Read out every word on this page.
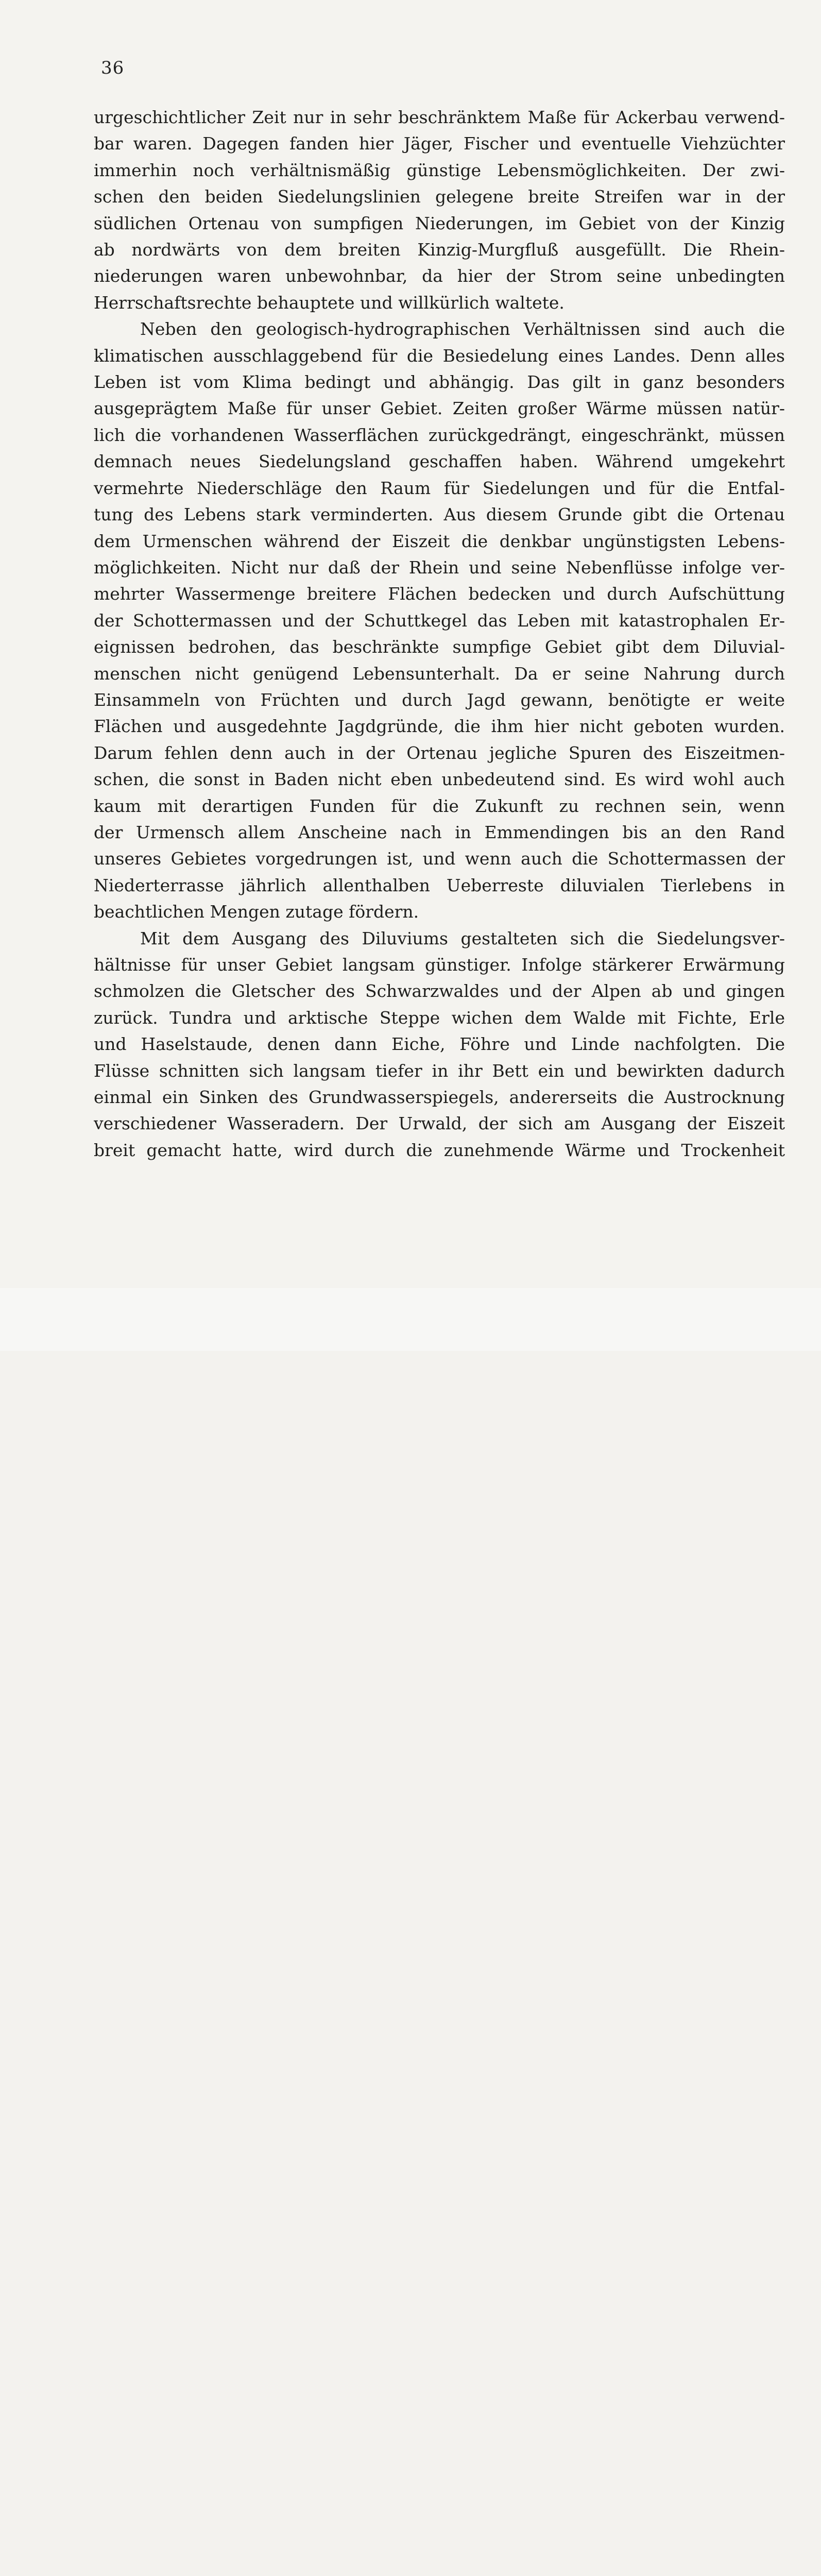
36

urgeschichtlicher Zeit nur in sehr beschränktem Maße für Ackerbau verwend-
bar waren. Dagegen fanden hier Jäger, Fischer und eventuelle Viehzüchter
immerhin noch verhältnismäßig günstige Lebensmöglichkeiten. Der zwi-
schen den beiden Siedelungslinien gelegene breite Streifen war in der
südlichen Ortenau von sumpfigen Niederungen, im Gebiet von der Kinzig
ab nordwärts von dem breiten Kinzig-Murgfluß ausgefüllt. Die Rhein-
niederungen waren unbewohnbar, da hier der Strom seine unbedingten
Herrschaftsrechte behauptete und willkürlich waltete.

Neben den geologisch-hydrographischen Verhältnissen sind auch die
klimatischen ausschlaggebend für die Besiedelung eines Landes. Denn alles
Leben ist vom Klima bedingt und abhängig. Das gilt in ganz besonders
ausgeprägtem Maße für unser Gebiet. Zeiten großer Wärme müssen natür-
lich die vorhandenen Wasserflächen zurückgedrängt, eingeschränkt, müssen
demnach neues Siedelungsland geschaffen haben. Während umgekehrt
vermehrte Niederschläge den Raum für Siedelungen und für die Entfal-
tung des Lebens stark verminderten. Aus diesem Grunde gibt die Ortenau
dem Urmenschen während der Eiszeit die denkbar ungünstigsten Lebens-
möglichkeiten. Nicht nur daß der Rhein und seine Nebenflüsse infolge ver-
mehrter Wassermenge breitere Flächen bedecken und durch Aufschüttung
der Schottermassen und der Schuttkegel das Leben mit katastrophalen Er-
eignissen bedrohen, das beschränkte sumpfige Gebiet gibt dem Diluvial-
menschen nicht genügend Lebensunterhalt. Da er seine Nahrung durch
Einsammeln von Früchten und durch Jagd gewann, benötigte er weite
Flächen und ausgedehnte Jagdgründe, die ihm hier nicht geboten wurden.
Darum fehlen denn auch in der Ortenau jegliche Spuren des Eiszeitmen-
schen, die sonst in Baden nicht eben unbedeutend sind. Es wird wohl auch
kaum mit derartigen Funden für die Zukunft zu rechnen sein, wenn
der Urmensch allem Anscheine nach in Emmendingen bis an den Rand
unseres Gebietes vorgedrungen ist, und wenn auch die Schottermassen der
Niederterrasse jährlich allenthalben Ueberreste diluvialen Tierlebens in
beachtlichen Mengen zutage fördern.

Mit dem Ausgang des Diluviums gestalteten sich die Siedelungsver-
hältnisse für unser Gebiet langsam günstiger. Infolge stärkerer Erwärmung
schmolzen die Gletscher des Schwarzwaldes und der Alpen ab und gingen
zurück. Tundra und arktische Steppe wichen dem Walde mit Fichte, Erle
und Haselstaude, denen dann Eiche, Föhre und Linde nachfolgten. Die
Flüsse schnitten sich langsam tiefer in ihr Bett ein und bewirkten dadurch
einmal ein Sinken des Grundwasserspiegels, andererseits die Austrocknung
verschiedener Wasseradern. Der Urwald, der sich am Ausgang der Eiszeit
breit gemacht hatte, wird durch die zunehmende Wärme und Trockenheit
